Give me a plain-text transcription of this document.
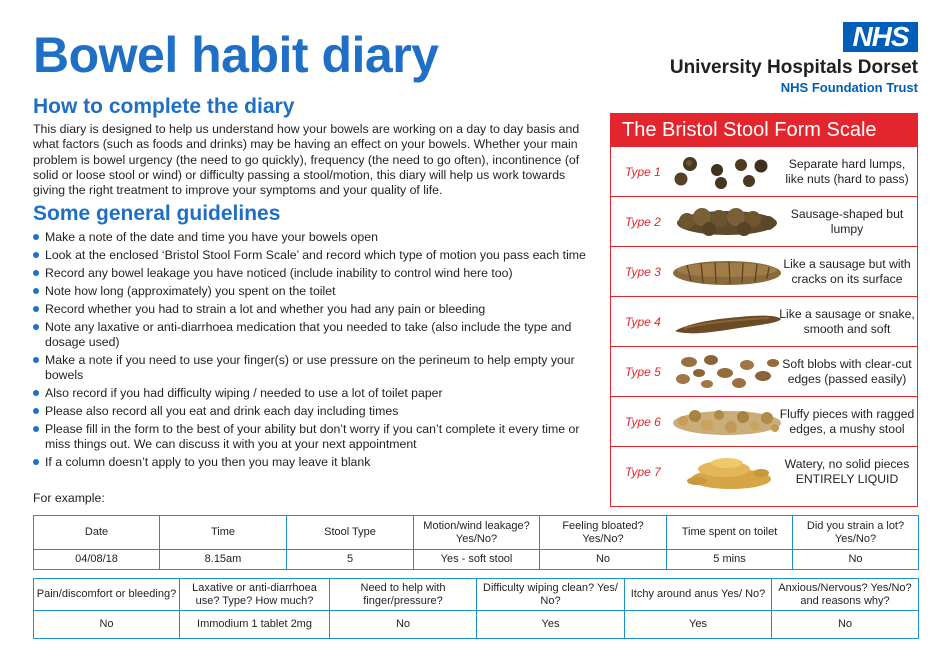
Bowel habit diary	NHS
University Hospitals Dorset
NHS Foundation Trust
How to complete the diary
This diary is designed to help us understand how your bowels are working on a day to day basis and what factors (such as foods and drinks) may be having an effect on your bowels. Whether your main problem is bowel urgency (the need to go quickly), frequency (the need to go often), incontinence (of solid or loose stool or wind) or difficulty passing a stool/motion, this diary will help us work towards giving the right treatment to improve your symptoms and your quality of life.
Some general guidelines
Make a note of the date and time you have your bowels open
Look at the enclosed ‘Bristol Stool Form Scale’ and record which type of motion you pass each time
Record any bowel leakage you have noticed (include inability to control wind here too)
Note how long (approximately) you spent on the toilet
Record whether you had to strain a lot and whether you had any pain or bleeding
Note any laxative or anti-diarrhoea medication that you needed to take (also include the type and dosage used)
Make a note if you need to use your finger(s) or use pressure on the perineum to help empty your bowels
Also record if you had difficulty wiping / needed to use a lot of toilet paper
Please also record all you eat and drink each day including times
Please fill in the form to the best of your ability but don’t worry if you can’t complete it every time or miss things out. We can discuss it with you at your next appointment
If a column doesn’t apply to you then you may leave it blank
For example:
The Bristol Stool Form Scale
Type 1
Separate hard lumps, like nuts (hard to pass)
Type 2
Sausage-shaped but lumpy
Type 3
Like a sausage but with cracks on its surface
Type 4
Like a sausage or snake, smooth and soft
Type 5
Soft blobs with clear-cut edges (passed easily)
Type 6
Fluffy pieces with ragged edges, a mushy stool
Type 7
Watery, no solid pieces ENTIRELY LIQUID
Date	Time	Stool Type	Motion/wind leakage? Yes/No?	Feeling bloated? Yes/No?	Time spent on toilet	Did you strain a lot? Yes/No?
04/08/18	8.15am	5	Yes - soft stool	No	5 mins	No
Pain/discomfort or bleeding?	Laxative or anti-diarrhoea use? Type? How much?	Need to help with finger/pressure?	Difficulty wiping clean? Yes/ No?	Itchy around anus Yes/ No?	Anxious/Nervous? Yes/No? and reasons why?
No	Immodium 1 tablet 2mg	No	Yes	Yes	No
